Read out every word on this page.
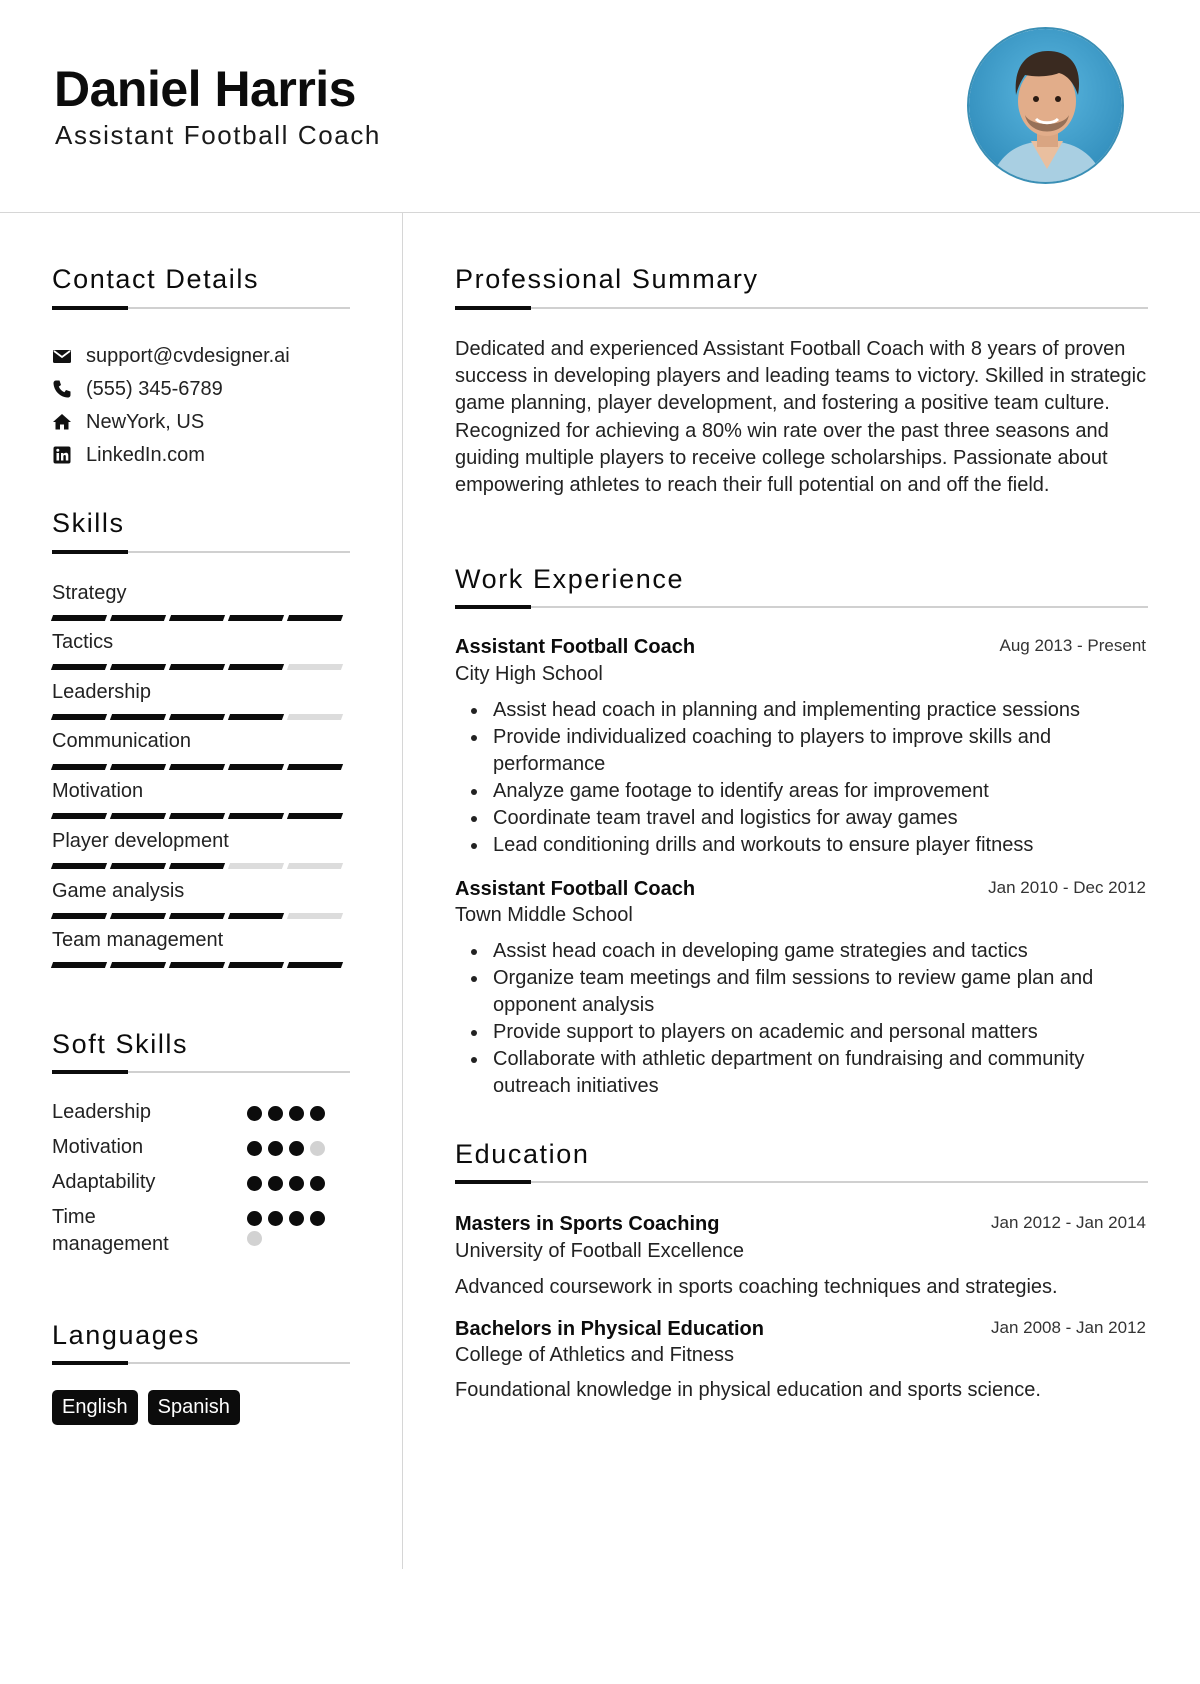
Daniel Harris
Assistant Football Coach
Contact Details
support@cvdesigner.ai
(555) 345-6789
NewYork, US
LinkedIn.com
Skills
Strategy
Tactics
Leadership
Communication
Motivation
Player development
Game analysis
Team management
Soft Skills
Leadership
Motivation
Adaptability
Time management
Languages
English	Spanish
Professional Summary
Dedicated and experienced Assistant Football Coach with 8 years of proven success in developing players and leading teams to victory. Skilled in strategic game planning, player development, and fostering a positive team culture. Recognized for achieving a 80% win rate over the past three seasons and guiding multiple players to receive college scholarships. Passionate about empowering athletes to reach their full potential on and off the field.
Work Experience
Assistant Football Coach	Aug 2013 - Present
City High School
Assist head coach in planning and implementing practice sessions
Provide individualized coaching to players to improve skills and performance
Analyze game footage to identify areas for improvement
Coordinate team travel and logistics for away games
Lead conditioning drills and workouts to ensure player fitness
Assistant Football Coach	Jan 2010 - Dec 2012
Town Middle School
Assist head coach in developing game strategies and tactics
Organize team meetings and film sessions to review game plan and opponent analysis
Provide support to players on academic and personal matters
Collaborate with athletic department on fundraising and community outreach initiatives
Education
Masters in Sports Coaching	Jan 2012 - Jan 2014
University of Football Excellence
Advanced coursework in sports coaching techniques and strategies.
Bachelors in Physical Education	Jan 2008 - Jan 2012
College of Athletics and Fitness
Foundational knowledge in physical education and sports science.
